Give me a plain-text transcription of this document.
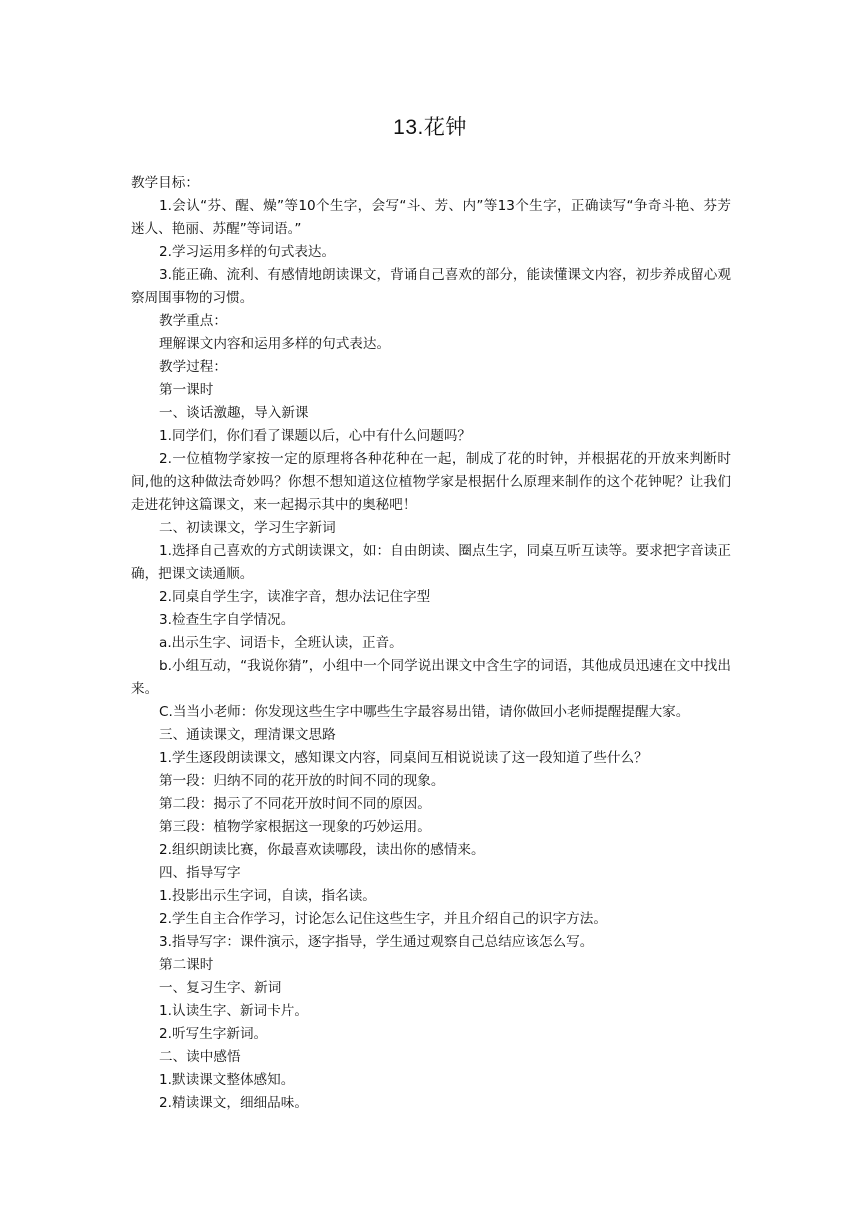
13.花钟

教学目标：

1.会认“芬、醒、燥”等10个生字，会写“斗、芳、内”等13个生字，正确读写“争奇斗艳、芬芳迷人、艳丽、苏醒”等词语。”

2.学习运用多样的句式表达。

3.能正确、流利、有感情地朗读课文，背诵自己喜欢的部分，能读懂课文内容，初步养成留心观察周围事物的习惯。

教学重点：

理解课文内容和运用多样的句式表达。

教学过程：

第一课时

一、谈话激趣，导入新课

1.同学们，你们看了课题以后，心中有什么问题吗？

2.一位植物学家按一定的原理将各种花种在一起，制成了花的时钟，并根据花的开放来判断时间,他的这种做法奇妙吗？你想不想知道这位植物学家是根据什么原理来制作的这个花钟呢？让我们走进花钟这篇课文，来一起揭示其中的奥秘吧！

二、初读课文，学习生字新词

1.选择自己喜欢的方式朗读课文，如：自由朗读、圈点生字，同桌互听互读等。要求把字音读正确，把课文读通顺。

2.同桌自学生字，读准字音，想办法记住字型

3.检查生字自学情况。

a.出示生字、词语卡，全班认读，正音。

b.小组互动，“我说你猜”，小组中一个同学说出课文中含生字的词语，其他成员迅速在文中找出来。

C.当当小老师：你发现这些生字中哪些生字最容易出错，请你做回小老师提醒提醒大家。

三、通读课文，理清课文思路

1.学生逐段朗读课文，感知课文内容，同桌间互相说说读了这一段知道了些什么？

第一段：归纳不同的花开放的时间不同的现象。

第二段：揭示了不同花开放时间不同的原因。

第三段：植物学家根据这一现象的巧妙运用。

2.组织朗读比赛，你最喜欢读哪段，读出你的感情来。

四、指导写字

1.投影出示生字词，自读，指名读。

2.学生自主合作学习，讨论怎么记住这些生字，并且介绍自己的识字方法。

3.指导写字：课件演示，逐字指导，学生通过观察自己总结应该怎么写。

第二课时

一、复习生字、新词

1.认读生字、新词卡片。

2.听写生字新词。

二、读中感悟

1.默读课文整体感知。

2.精读课文，细细品味。
